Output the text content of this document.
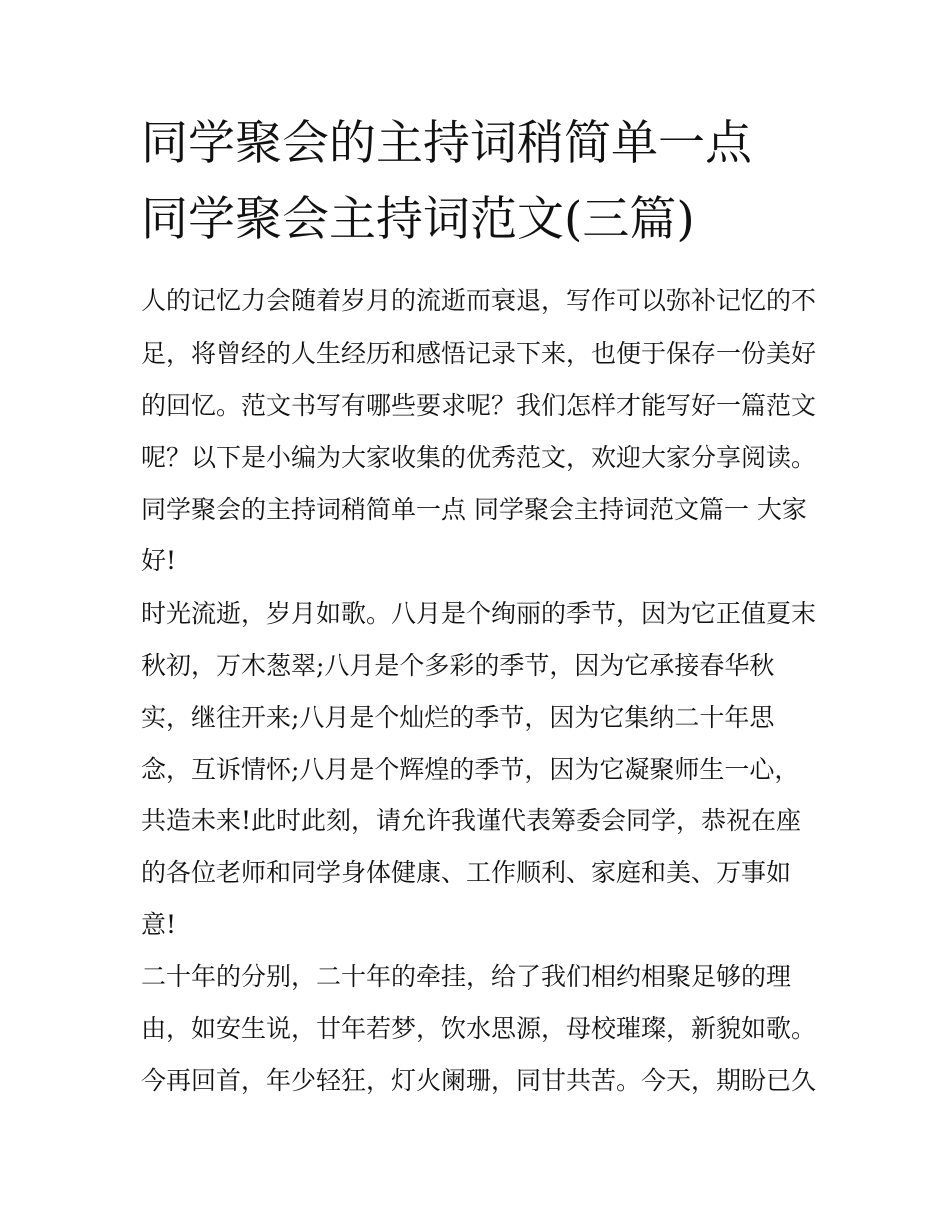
同学聚会的主持词稍简单一点
同学聚会主持词范文(三篇)

人的记忆力会随着岁月的流逝而衰退，写作可以弥补记忆的不

足，将曾经的人生经历和感悟记录下来，也便于保存一份美好

的回忆。范文书写有哪些要求呢？我们怎样才能写好一篇范文

呢？以下是小编为大家收集的优秀范文，欢迎大家分享阅读。

同学聚会的主持词稍简单一点 同学聚会主持词范文篇一 大家

好!

时光流逝，岁月如歌。八月是个绚丽的季节，因为它正值夏末

秋初，万木葱翠;八月是个多彩的季节，因为它承接春华秋

实，继往开来;八月是个灿烂的季节，因为它集纳二十年思

念，互诉情怀;八月是个辉煌的季节，因为它凝聚师生一心，

共造未来!此时此刻，请允许我谨代表筹委会同学，恭祝在座

的各位老师和同学身体健康、工作顺利、家庭和美、万事如

意!

二十年的分别，二十年的牵挂，给了我们相约相聚足够的理

由，如安生说，廿年若梦，饮水思源，母校璀璨，新貌如歌。

今再回首，年少轻狂，灯火阑珊，同甘共苦。今天，期盼已久
